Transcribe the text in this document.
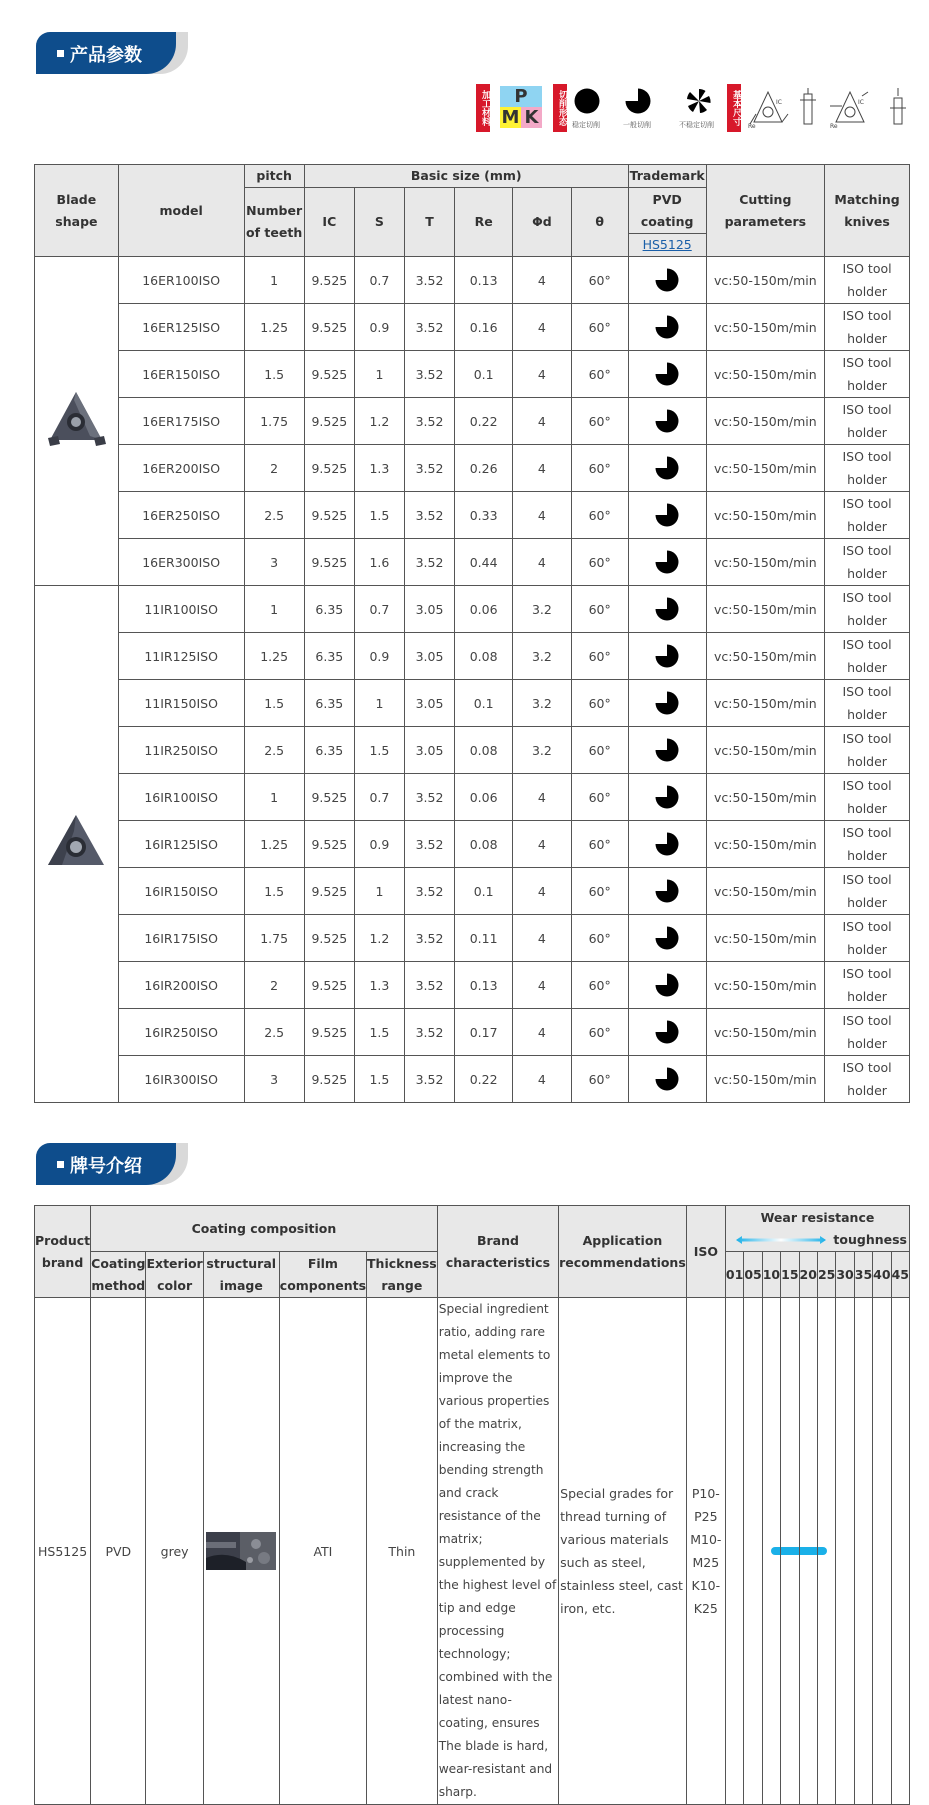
产品参数
加工材料	P
M K	切削形态 稳定切削	一般切削	不稳定切削	基本尺寸
Re
IC
Re
IC
Blade shape	model	pitch	Basic size (mm)						Trademark	Cutting parameters	Matching knives
		Number of teeth	IC	S	T	Re	Φd	θ	PVD coating		
									HS5125		
	16ER100ISO	1	9.525	0.7	3.52	0.13	4	60°		vc:50-150m/min	ISO tool holder
	16ER125ISO	1.25	9.525	0.9	3.52	0.16	4	60°		vc:50-150m/min	ISO tool holder
	16ER150ISO	1.5	9.525	1	3.52	0.1	4	60°		vc:50-150m/min	ISO tool holder
	16ER175ISO	1.75	9.525	1.2	3.52	0.22	4	60°		vc:50-150m/min	ISO tool holder
	16ER200ISO	2	9.525	1.3	3.52	0.26	4	60°		vc:50-150m/min	ISO tool holder
	16ER250ISO	2.5	9.525	1.5	3.52	0.33	4	60°		vc:50-150m/min	ISO tool holder
	16ER300ISO	3	9.525	1.6	3.52	0.44	4	60°		vc:50-150m/min	ISO tool holder
	11IR100ISO	1	6.35	0.7	3.05	0.06	3.2	60°		vc:50-150m/min	ISO tool holder
	11IR125ISO	1.25	6.35	0.9	3.05	0.08	3.2	60°		vc:50-150m/min	ISO tool holder
	11IR150ISO	1.5	6.35	1	3.05	0.1	3.2	60°		vc:50-150m/min	ISO tool holder
	11IR250ISO	2.5	6.35	1.5	3.05	0.08	3.2	60°		vc:50-150m/min	ISO tool holder
	16IR100ISO	1	9.525	0.7	3.52	0.06	4	60°		vc:50-150m/min	ISO tool holder
	16IR125ISO	1.25	9.525	0.9	3.52	0.08	4	60°		vc:50-150m/min	ISO tool holder
	16IR150ISO	1.5	9.525	1	3.52	0.1	4	60°		vc:50-150m/min	ISO tool holder
	16IR175ISO	1.75	9.525	1.2	3.52	0.11	4	60°		vc:50-150m/min	ISO tool holder
	16IR200ISO	2	9.525	1.3	3.52	0.13	4	60°		vc:50-150m/min	ISO tool holder
	16IR250ISO	2.5	9.525	1.5	3.52	0.17	4	60°		vc:50-150m/min	ISO tool holder
	16IR300ISO	3	9.525	1.5	3.52	0.22	4	60°		vc:50-150m/min	ISO tool holder
牌号介绍
Product brand	Coating composition					Brand characteristics	Application recommendations	ISO	Wear resistance
toughness									

	Coating method	Exterior color	structural image	Film components	Thickness range				01	05	10	15	20	25	30	35	40	45
HS5125	PVD	grey		ATI	Thin	Special ingredient ratio, adding rare metal elements to improve the various properties of the matrix, increasing the bending strength and crack resistance of the matrix; supplemented by the highest level of tip and edge processing technology; combined with the latest nano-coating, ensures The blade is hard, wear-resistant and sharp.	Special grades for thread turning of various materials such as steel, stainless steel, cast iron, etc.	P10-P25 M10-M25 K10-K25			
